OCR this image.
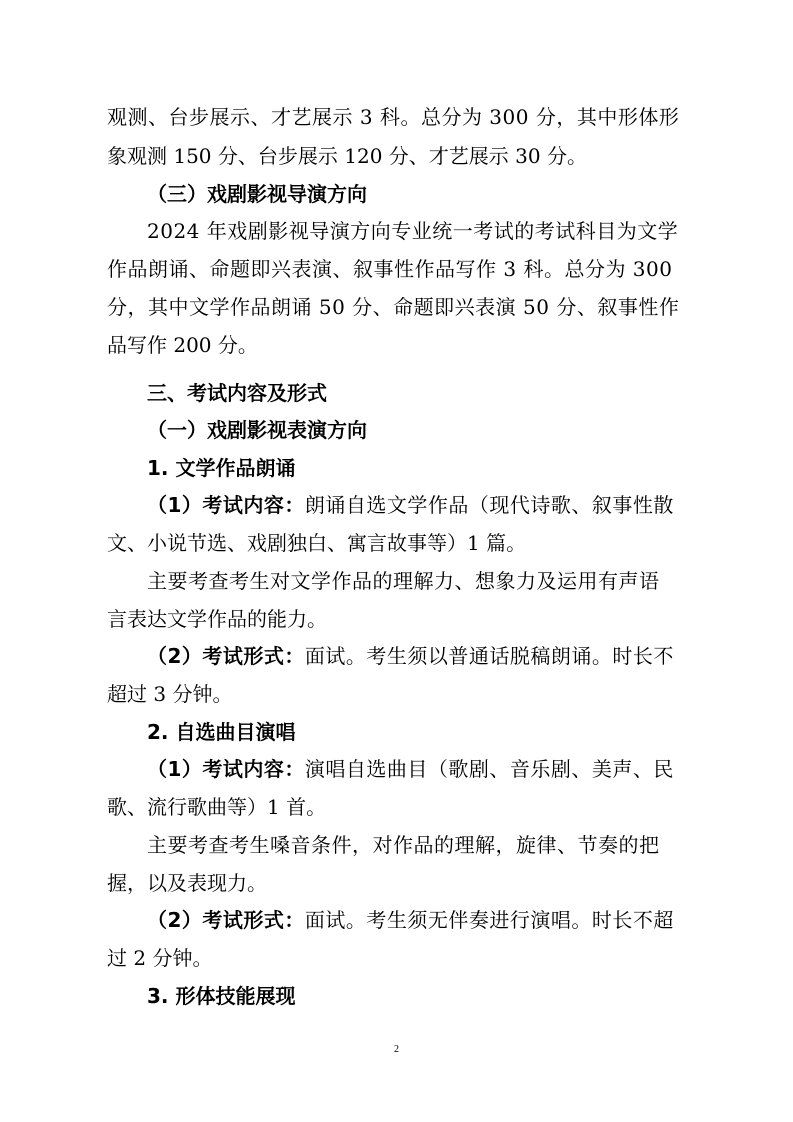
观测、台步展示、才艺展示 3 科。总分为 300 分，其中形体形
象观测 150 分、台步展示 120 分、才艺展示 30 分。
（三）戏剧影视导演方向
2024 年戏剧影视导演方向专业统一考试的考试科目为文学
作品朗诵、命题即兴表演、叙事性作品写作 3 科。总分为 300
分，其中文学作品朗诵 50 分、命题即兴表演 50 分、叙事性作
品写作 200 分。
三、考试内容及形式
（一）戏剧影视表演方向
1. 文学作品朗诵
（1）考试内容：朗诵自选文学作品（现代诗歌、叙事性散
文、小说节选、戏剧独白、寓言故事等）1 篇。
主要考查考生对文学作品的理解力、想象力及运用有声语
言表达文学作品的能力。
（2）考试形式：面试。考生须以普通话脱稿朗诵。时长不
超过 3 分钟。
2. 自选曲目演唱
（1）考试内容：演唱自选曲目（歌剧、音乐剧、美声、民
歌、流行歌曲等）1 首。
主要考查考生嗓音条件，对作品的理解，旋律、节奏的把
握，以及表现力。
（2）考试形式：面试。考生须无伴奏进行演唱。时长不超
过 2 分钟。
3. 形体技能展现
2
